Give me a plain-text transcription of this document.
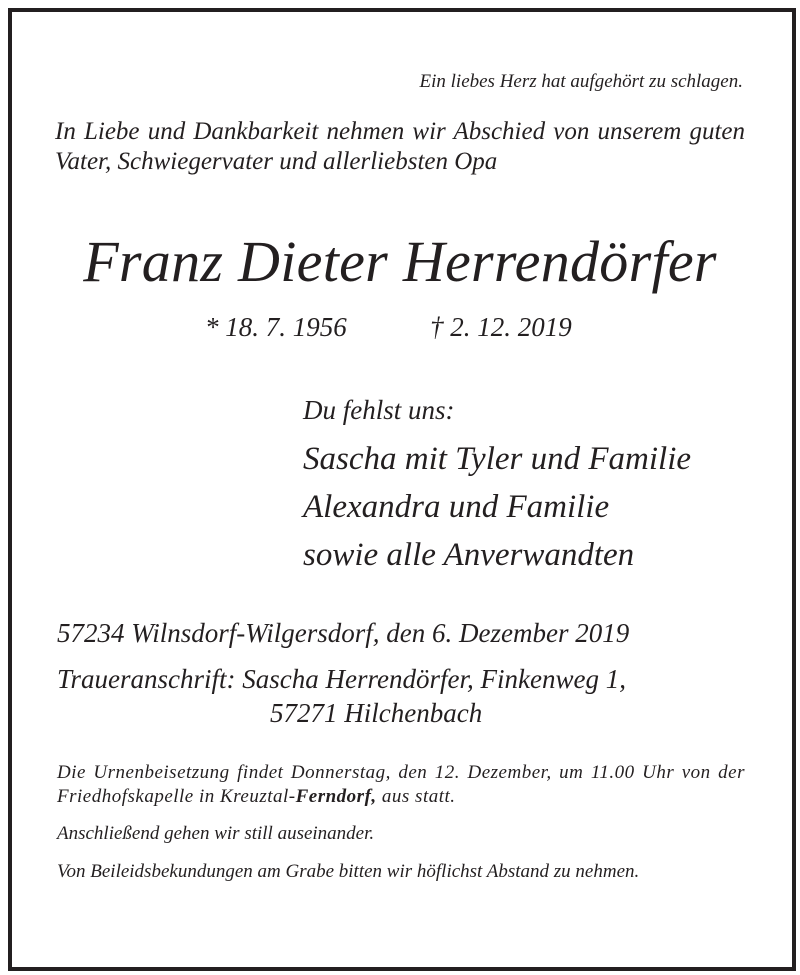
Ein liebes Herz hat aufgehört zu schlagen.
In Liebe und Dankbarkeit nehmen wir Abschied von unserem guten Vater, Schwiegervater und allerliebsten Opa
Franz Dieter Herrendörfer
* 18. 7. 1956	† 2. 12. 2019
Du fehlst uns:
Sascha mit Tyler und Familie
Alexandra und Familie
sowie alle Anverwandten
57234 Wilnsdorf-Wilgersdorf, den 6. Dezember 2019
Traueranschrift: Sascha Herrendörfer, Finkenweg 1,
57271 Hilchenbach
Die Urnenbeisetzung findet Donnerstag, den 12. Dezember, um 11.00 Uhr von der Friedhofskapelle in Kreuztal-Ferndorf, aus statt.
Anschließend gehen wir still auseinander.
Von Beileidsbekundungen am Grabe bitten wir höflichst Abstand zu nehmen.
